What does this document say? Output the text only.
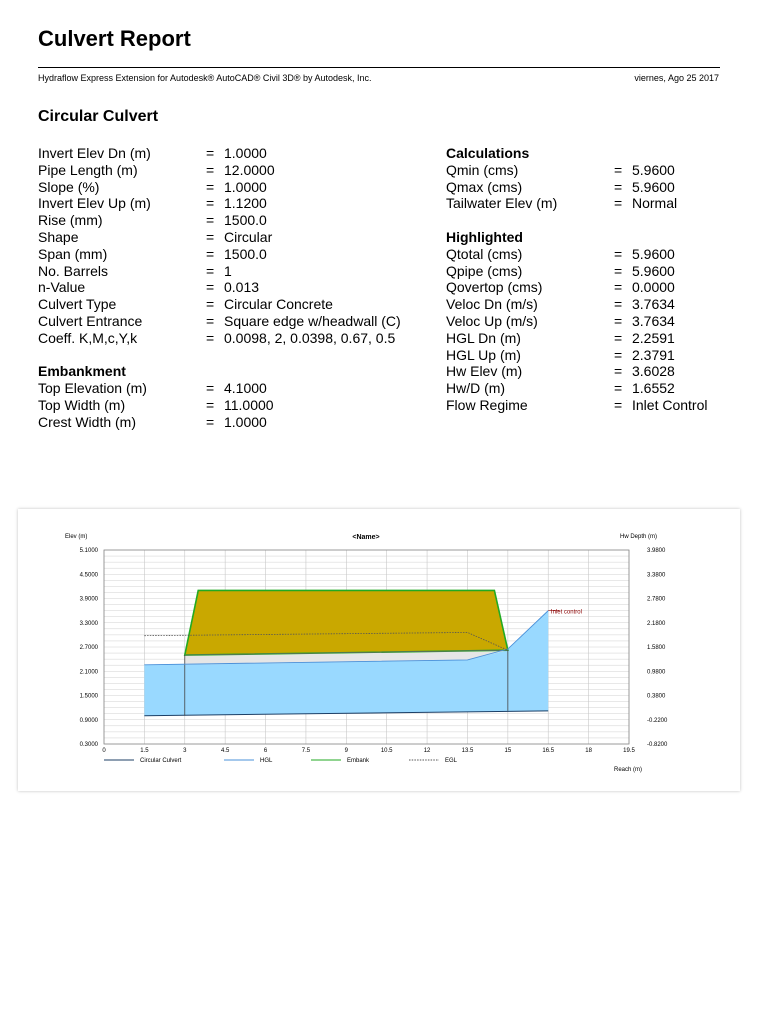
Culvert Report
Hydraflow Express Extension for Autodesk® AutoCAD® Civil 3D® by Autodesk, Inc.	viernes, Ago 25 2017
Circular Culvert
Invert Elev Dn (m)	= 1.0000
Pipe Length (m)	= 12.0000
Slope (%)	= 1.0000
Invert Elev Up (m)	= 1.1200
Rise (mm)	= 1500.0
Shape	= Circular
Span (mm)	= 1500.0
No. Barrels	= 1
n-Value	= 0.013
Culvert Type	= Circular Concrete
Culvert Entrance	= Square edge w/headwall (C)
Coeff. K,M,c,Y,k	= 0.0098, 2, 0.0398, 0.67, 0.5
Embankment
Top Elevation (m)	= 4.1000
Top Width (m)	= 11.0000
Crest Width (m)	= 1.0000
Calculations
Qmin (cms)	= 5.9600
Qmax (cms)	= 5.9600
Tailwater Elev (m)	= Normal
Highlighted
Qtotal (cms)	= 5.9600
Qpipe (cms)	= 5.9600
Qovertop (cms)	= 0.0000
Veloc Dn (m/s)	= 3.7634
Veloc Up (m/s)	= 3.7634
HGL Dn (m)	= 2.2591
HGL Up (m)	= 2.3791
Hw Elev (m)	= 3.6028
Hw/D (m)	= 1.6552
Flow Regime	= Inlet Control
Inlet control
0.3000
0.9000
1.5000
2.1000
2.7000
3.3000
3.9000
4.5000
5.1000
-0.8200
-0.2200
0.3800
0.9800
1.5800
2.1800
2.7800
3.3800
3.9800
0	1.5	3	4.5	6	7.5	9	10.5	12	13.5	15	16.5	18	19.5
<Name>
Elev (m)	Hw Depth (m)
Reach (m)
Circular Culvert	HGL	Embank	EGL
